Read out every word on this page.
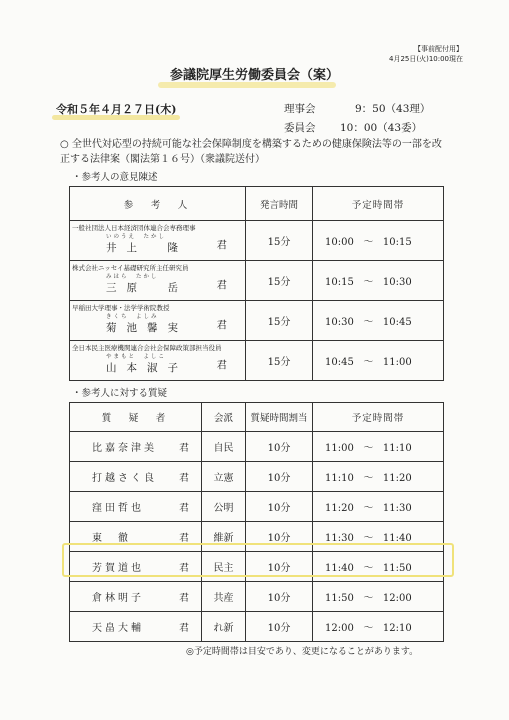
【事前配付用】
4月25日(火)10:00現在
参議院厚生労働委員会（案）
令和５年４月２７日(木)	理事会	9：50（43理）
委員会 10：00（43委）
○ 全世代対応型の持続可能な社会保障制度を構築するための健康保険法等の一部を改正する法律案（閣法第１６号）（衆議院送付）
・参考人の意見陳述
参　考　人	発言時間	予定時間帯

一般社団法人日本経済団体連合会専務理事
いのうえ　たかし
井上　隆 君	15分	10:00 〜 10:15

株式会社ニッセイ基礎研究所主任研究員
みはら　たかし
三原　岳 君	15分	10:15 〜 10:30

早稲田大学理事・法学学術院教授
きくち　よしみ
菊池馨実 君	15分	10:30 〜 10:45

全日本民主医療機関連合会社会保障政策部担当役員
やまもと　よしこ
山本淑子 君	15分	10:45 〜 11:00
・参考人に対する質疑
質　疑　者	会派	質疑時間割当	予定時間帯
比嘉奈津美 君	自民	10分	11:00 〜 11:10
打越さく良 君	立憲	10分	11:10 〜 11:20
窪田哲也 君	公明	10分	11:20 〜 11:30
東　徹 君	維新	10分	11:30 〜 11:40
芳賀道也 君	民主	10分	11:40 〜 11:50
倉林明子 君	共産	10分	11:50 〜 12:00
天畠大輔 君	れ新	10分	12:00 〜 12:10
◎予定時間帯は目安であり、変更になることがあります。
